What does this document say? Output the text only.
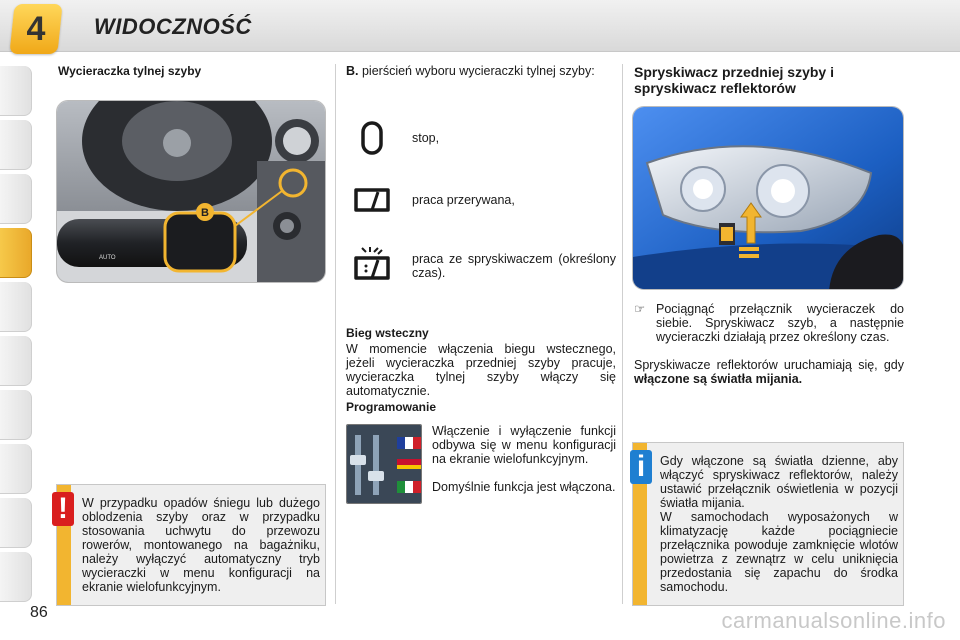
4	WIDOCZNOŚĆ
Wycieraczka tylnej szyby
B
AUTO
!	W przypadku opadów śniegu lub dużego oblodzenia szyby oraz w przypadku stosowania uchwytu do przewozu rowerów, montowanego na bagażniku, należy wyłączyć automatyczny tryb wycieraczki w menu konfiguracji na ekranie wielofunkcyjnym.
B. pierścień wyboru wycieraczki tylnej szyby:
stop,
praca przerywana,
praca ze spryskiwaczem (określony czas).
Bieg wsteczny
W momencie włączenia biegu wstecznego, jeżeli wycieraczka przedniej szyby pracuje, wycieraczka tylnej szyby włączy się automatycznie.
Programowanie
Włączenie i wyłączenie funkcji odbywa się w menu konfiguracji na ekranie wielofunkcyjnym.
Domyślnie funkcja jest włączona.
Spryskiwacz przedniej szyby i spryskiwacz reflektorów
☞ Pociągnąć przełącznik wycieraczek do siebie. Spryskiwacz szyb, a następnie wycieraczki działają przez określony czas.
Spryskiwacze reflektorów uruchamiają się, gdy włączone są światła mijania.
i	Gdy włączone są światła dzienne, aby włączyć spryskiwacz reflektorów, należy ustawić przełącznik oświetlenia w pozycji światła mijania.
W samochodach wyposażonych w klimatyzację każde pociągniecie przełącznika powoduje zamknięcie wlotów powietrza z zewnątrz w celu uniknięcia przedostania się zapachu do środka samochodu.
86	carmanualsonline.info
